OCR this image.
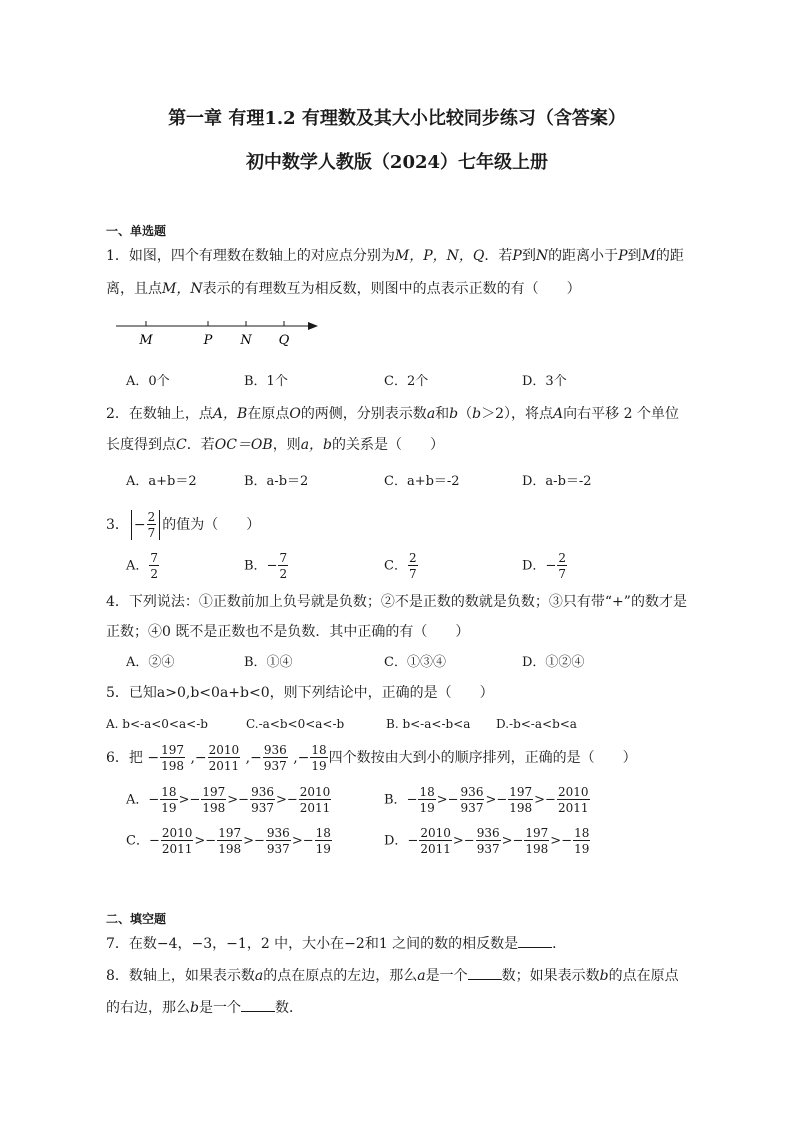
第一章 有理1.2 有理数及其大小比较同步练习（含答案）
初中数学人教版（2024）七年级上册
一、单选题
1．如图，四个有理数在数轴上的对应点分别为M，P，N，Q．若P到N的距离小于P到M的距
离，且点M，N表示的有理数互为相反数，则图中的点表示正数的有（　　）
M	P N Q
A．0个	B．1个	C．2个	D．3个
2．在数轴上，点A，B在原点O的两侧，分别表示数a和b（b＞2），将点A向右平移 2 个单位
长度得到点C．若OC＝OB，则a，b的关系是（　　）
A．a+b＝2	B．a-b＝2	C．a+b＝-2	D．a-b＝-2
3． − $\frac{2}{7}$ 的值为（　　）
A． $\frac{7}{2}$	B．− $\frac{7}{2}$	C． $\frac{2}{7}$	D．− $\frac{2}{7}$
4．下列说法：①正数前加上负号就是负数；②不是正数的数就是负数；③只有带“+”的数才是
正数；④0 既不是正数也不是负数．其中正确的有（　　）
A．②④	B．①④	C．①③④	D．①②④
5．已知a>0,b<0a+b<0，则下列结论中，正确的是（　　）
A. b<-a<0<a<-b	C.-a<b<0<a<-b	B. b<-a<-b<a D.-b<-a<b<a
6．把 − $\frac{197}{198}$ ,− $\frac{2010}{2011}$ ,− $\frac{936}{937}$ ,− $\frac{18}{19}$ 四个数按由大到小的顺序排列，正确的是（　　）
A．− $\frac{18}{19} >- \frac{197}{198} >- \frac{936}{937} >- \frac{2010}{2011}$	B．− $\frac{18}{19} >- \frac{936}{937} >- \frac{197}{198} >- \frac{2010}{2011}$
C．− $\frac{2010}{2011} >- \frac{197}{198} >- \frac{936}{937} >- \frac{18}{19}$	D．− $\frac{2010}{2011} >- \frac{936}{937} >- \frac{197}{198} >- \frac{18}{19}$
二、填空题
7．在数−4，−3，−1，2 中，大小在−2和1 之间的数的相反数是 ．
8．数轴上，如果表示数a的点在原点的左边，那么a是一个 数；如果表示数b的点在原点
的右边，那么b是一个 数．
